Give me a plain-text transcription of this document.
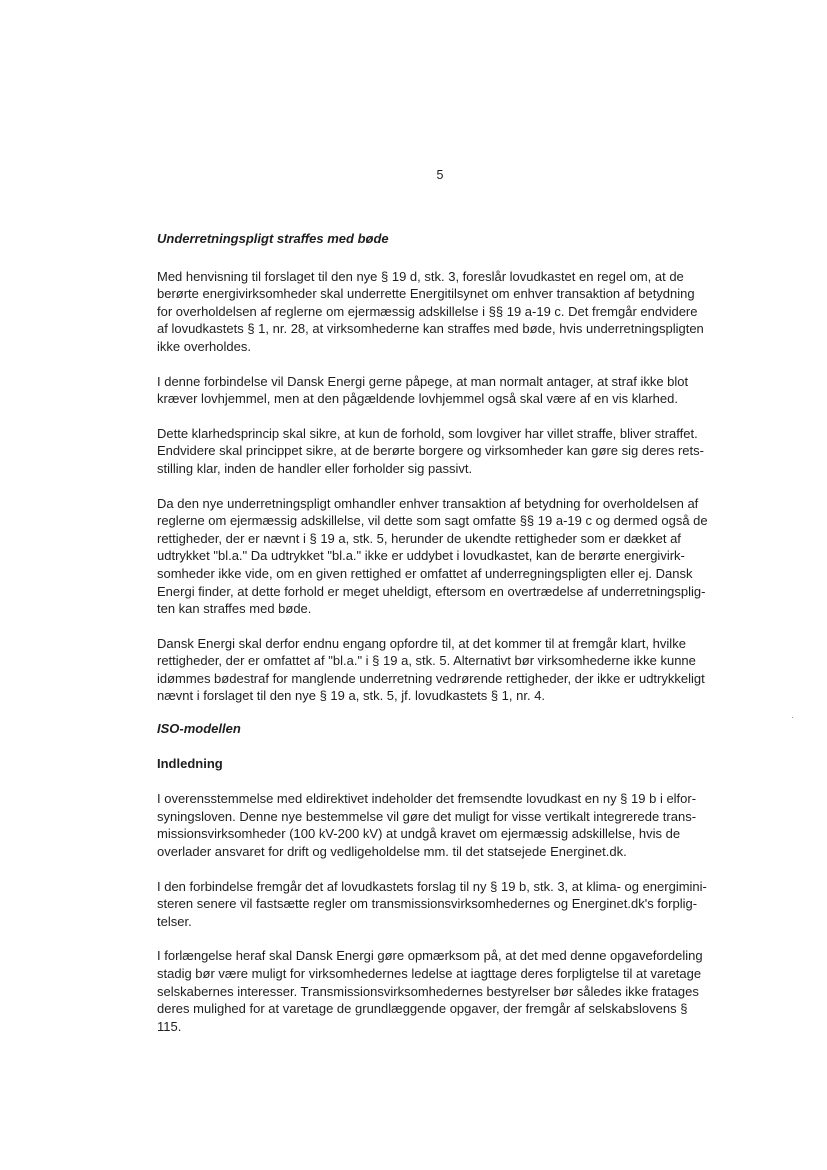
5
Underretningspligt straffes med bøde

Med henvisning til forslaget til den nye § 19 d, stk. 3, foreslår lovudkastet en regel om, at de
berørte energivirksomheder skal underrette Energitilsynet om enhver transaktion af betydning
for overholdelsen af reglerne om ejermæssig adskillelse i §§ 19 a-19 c. Det fremgår endvidere
af lovudkastets § 1, nr. 28, at virksomhederne kan straffes med bøde, hvis underretningspligten
ikke overholdes.

I denne forbindelse vil Dansk Energi gerne påpege, at man normalt antager, at straf ikke blot
kræver lovhjemmel, men at den pågældende lovhjemmel også skal være af en vis klarhed.

Dette klarhedsprincip skal sikre, at kun de forhold, som lovgiver har villet straffe, bliver straffet.
Endvidere skal princippet sikre, at de berørte borgere og virksomheder kan gøre sig deres rets-
stilling klar, inden de handler eller forholder sig passivt.

Da den nye underretningspligt omhandler enhver transaktion af betydning for overholdelsen af
reglerne om ejermæssig adskillelse, vil dette som sagt omfatte §§ 19 a-19 c og dermed også de
rettigheder, der er nævnt i § 19 a, stk. 5, herunder de ukendte rettigheder som er dækket af
udtrykket "bl.a." Da udtrykket "bl.a." ikke er uddybet i lovudkastet, kan de berørte energivirk-
somheder ikke vide, om en given rettighed er omfattet af underregningspligten eller ej. Dansk
Energi finder, at dette forhold er meget uheldigt, eftersom en overtrædelse af underretningsplig-
ten kan straffes med bøde.

Dansk Energi skal derfor endnu engang opfordre til, at det kommer til at fremgår klart, hvilke
rettigheder, der er omfattet af "bl.a." i § 19 a, stk. 5. Alternativt bør virksomhederne ikke kunne
idømmes bødestraf for manglende underretning vedrørende rettigheder, der ikke er udtrykkeligt
nævnt i forslaget til den nye § 19 a, stk. 5, jf. lovudkastets § 1, nr. 4.

ISO-modellen
Indledning

I overensstemmelse med eldirektivet indeholder det fremsendte lovudkast en ny § 19 b i elfor-
syningsloven. Denne nye bestemmelse vil gøre det muligt for visse vertikalt integrerede trans-
missionsvirksomheder (100 kV-200 kV) at undgå kravet om ejermæssig adskillelse, hvis de
overlader ansvaret for drift og vedligeholdelse mm. til det statsejede Energinet.dk.

I den forbindelse fremgår det af lovudkastets forslag til ny § 19 b, stk. 3, at klima- og energimini-
steren senere vil fastsætte regler om transmissionsvirksomhedernes og Energinet.dk's forplig-
telser.

I forlængelse heraf skal Dansk Energi gøre opmærksom på, at det med denne opgavefordeling
stadig bør være muligt for virksomhedernes ledelse at iagttage deres forpligtelse til at varetage
selskabernes interesser. Transmissionsvirksomhedernes bestyrelser bør således ikke fratages
deres mulighed for at varetage de grundlæggende opgaver, der fremgår af selskabslovens §
115.

·
